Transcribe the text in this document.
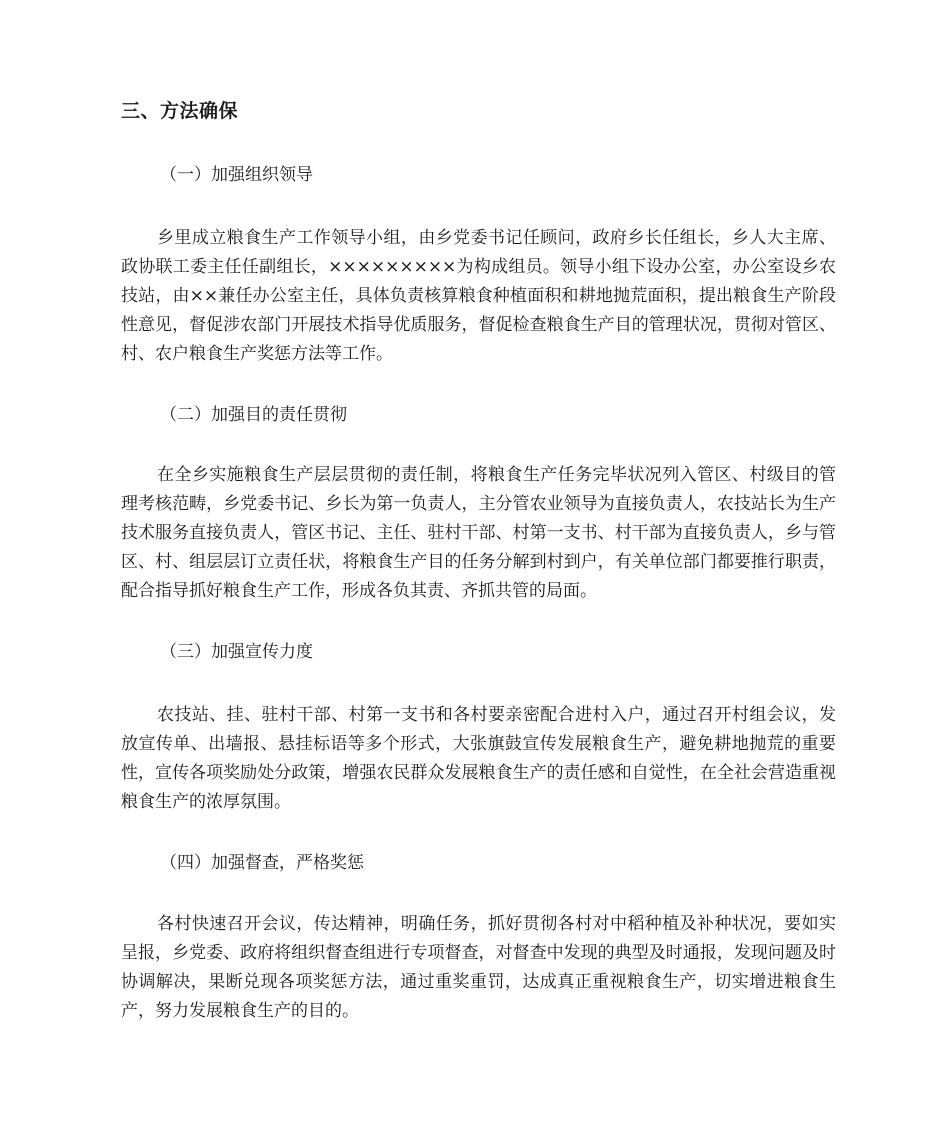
三、方法确保
（一）加强组织领导

乡里成立粮食生产工作领导小组，由乡党委书记任顾问，政府乡长任组长，乡人大主席、政协联工委主任任副组长，×××××××××为构成组员。领导小组下设办公室，办公室设乡农技站，由××兼任办公室主任，具体负责核算粮食种植面积和耕地抛荒面积，提出粮食生产阶段性意见，督促涉农部门开展技术指导优质服务，督促检查粮食生产目的管理状况，贯彻对管区、村、农户粮食生产奖惩方法等工作。

（二）加强目的责任贯彻

在全乡实施粮食生产层层贯彻的责任制，将粮食生产任务完毕状况列入管区、村级目的管理考核范畴，乡党委书记、乡长为第一负责人，主分管农业领导为直接负责人，农技站长为生产技术服务直接负责人，管区书记、主任、驻村干部、村第一支书、村干部为直接负责人，乡与管区、村、组层层订立责任状，将粮食生产目的任务分解到村到户，有关单位部门都要推行职责，配合指导抓好粮食生产工作，形成各负其责、齐抓共管的局面。

（三）加强宣传力度

农技站、挂、驻村干部、村第一支书和各村要亲密配合进村入户，通过召开村组会议，发放宣传单、出墙报、悬挂标语等多个形式，大张旗鼓宣传发展粮食生产，避免耕地抛荒的重要性，宣传各项奖励处分政策，增强农民群众发展粮食生产的责任感和自觉性，在全社会营造重视粮食生产的浓厚氛围。

（四）加强督查，严格奖惩

各村快速召开会议，传达精神，明确任务，抓好贯彻各村对中稻种植及补种状况，要如实呈报，乡党委、政府将组织督查组进行专项督查，对督查中发现的典型及时通报，发现问题及时协调解决，果断兑现各项奖惩方法，通过重奖重罚，达成真正重视粮食生产，切实增进粮食生产，努力发展粮食生产的目的。
